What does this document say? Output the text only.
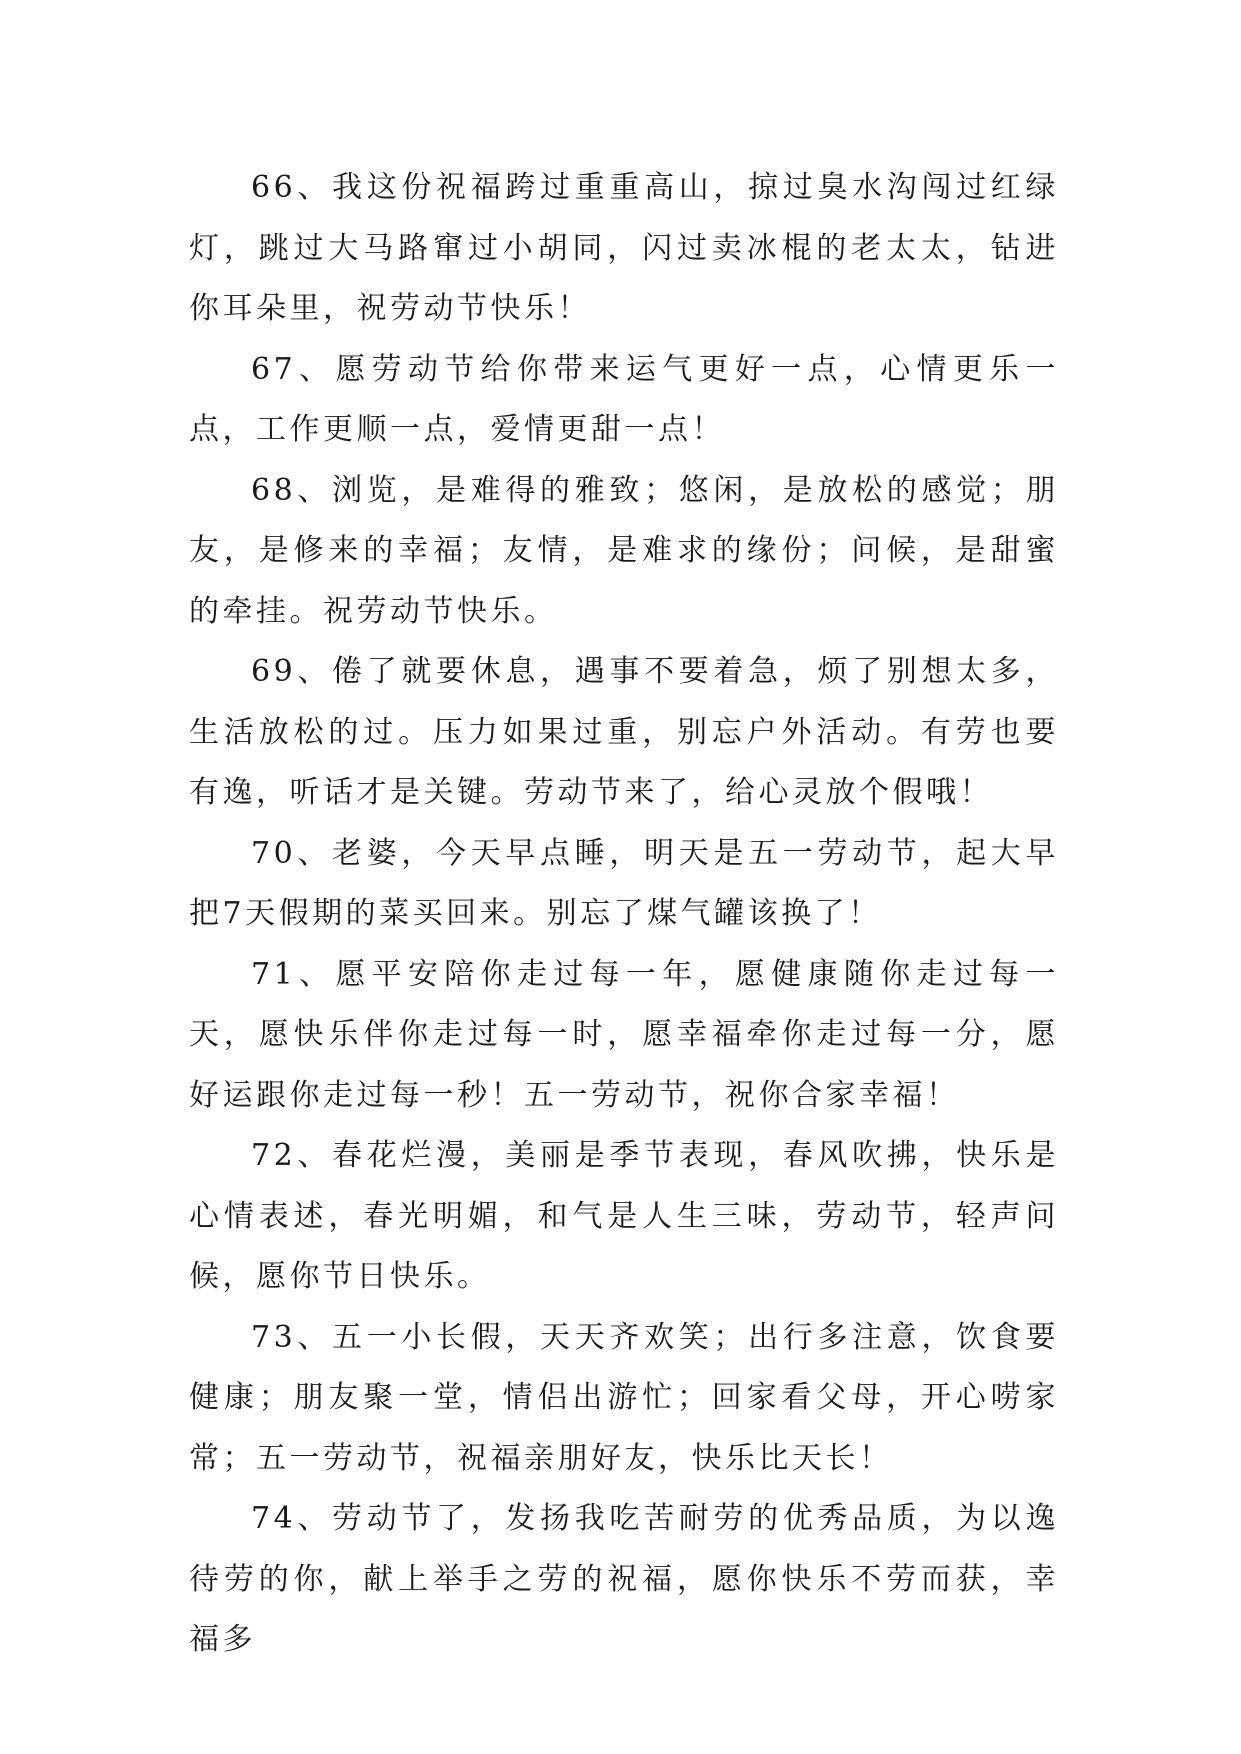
66、我这份祝福跨过重重高山，掠过臭水沟闯过红绿灯，跳过大马路窜过小胡同，闪过卖冰棍的老太太，钻进你耳朵里，祝劳动节快乐！

67、愿劳动节给你带来运气更好一点，心情更乐一点，工作更顺一点，爱情更甜一点！

68、浏览，是难得的雅致；悠闲，是放松的感觉；朋友，是修来的幸福；友情，是难求的缘份；问候，是甜蜜的牵挂。祝劳动节快乐。

69、倦了就要休息，遇事不要着急，烦了别想太多，生活放松的过。压力如果过重，别忘户外活动。有劳也要有逸，听话才是关键。劳动节来了，给心灵放个假哦！

70、老婆，今天早点睡，明天是五一劳动节，起大早把7天假期的菜买回来。别忘了煤气罐该换了！

71、愿平安陪你走过每一年，愿健康随你走过每一天，愿快乐伴你走过每一时，愿幸福牵你走过每一分，愿好运跟你走过每一秒！五一劳动节，祝你合家幸福！

72、春花烂漫，美丽是季节表现，春风吹拂，快乐是心情表述，春光明媚，和气是人生三味，劳动节，轻声问候，愿你节日快乐。

73、五一小长假，天天齐欢笑；出行多注意，饮食要健康；朋友聚一堂，情侣出游忙；回家看父母，开心唠家常；五一劳动节，祝福亲朋好友，快乐比天长！

74、劳动节了，发扬我吃苦耐劳的优秀品质，为以逸待劳的你，献上举手之劳的祝福，愿你快乐不劳而获，幸福多
